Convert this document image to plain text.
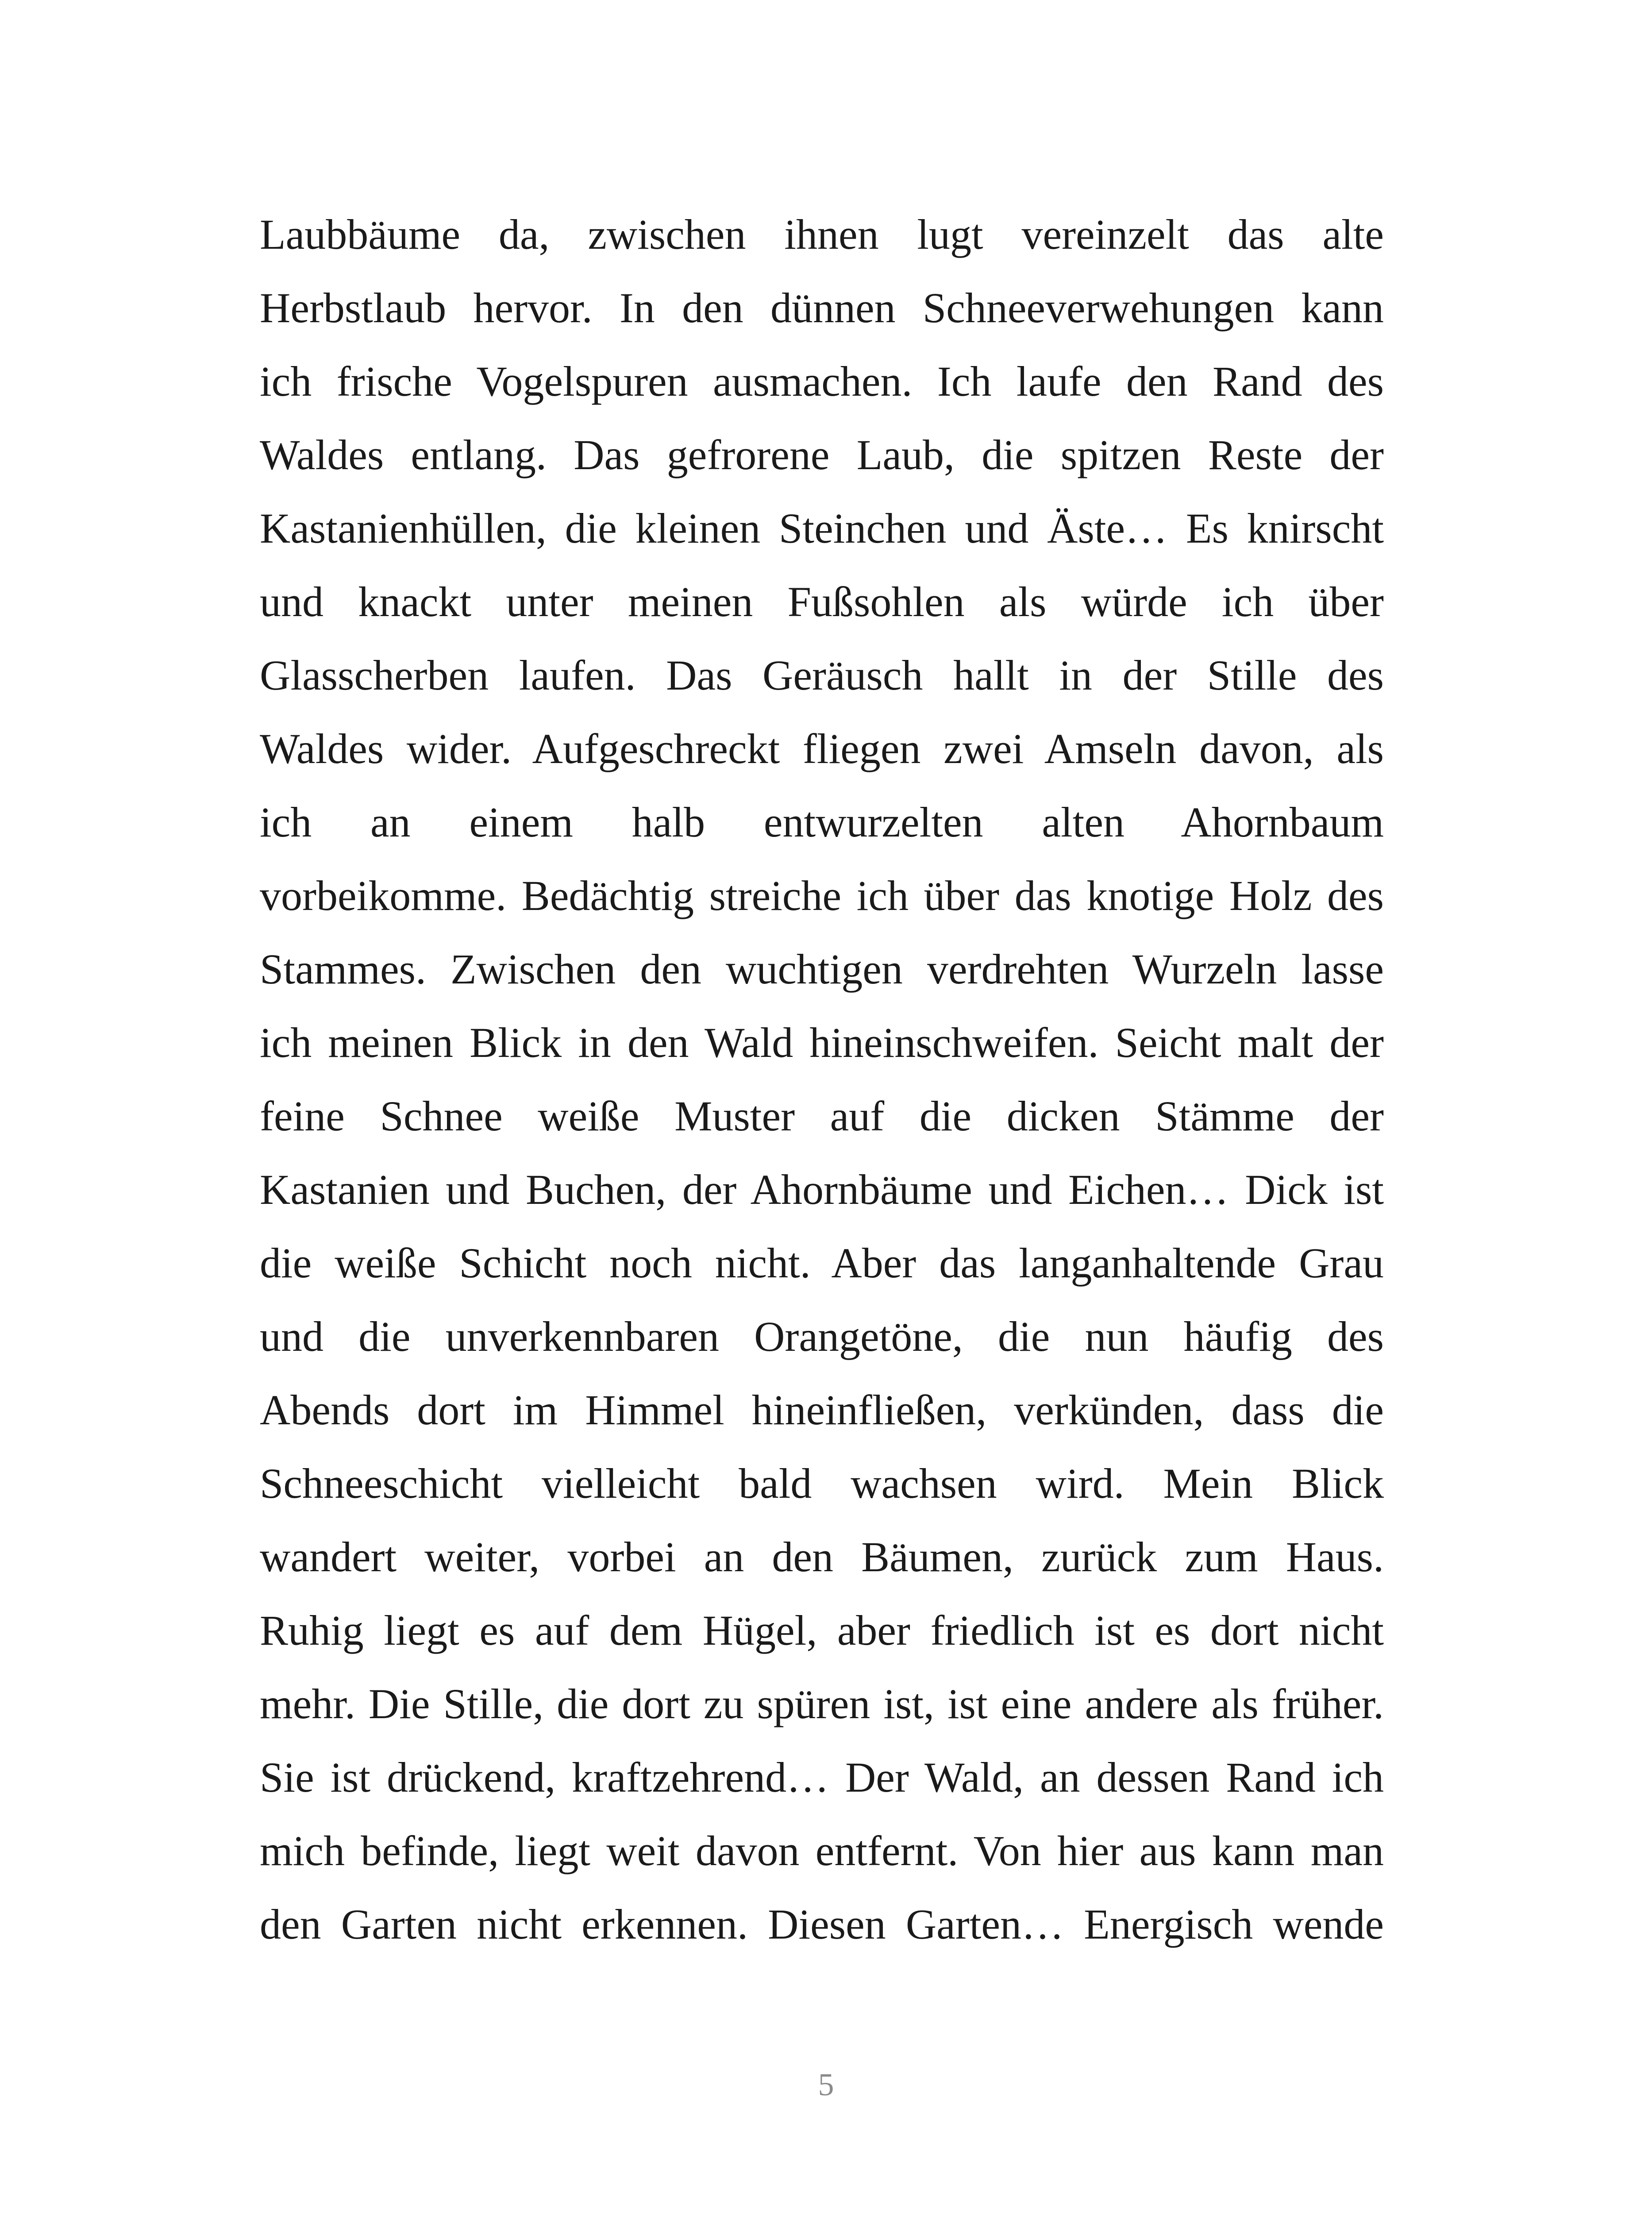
Laubbäume da, zwischen ihnen lugt vereinzelt das alte
Herbstlaub hervor. In den dünnen Schneeverwehungen kann
ich frische Vogelspuren ausmachen. Ich laufe den Rand des
Waldes entlang. Das gefrorene Laub, die spitzen Reste der
Kastanienhüllen, die kleinen Steinchen und Äste… Es knirscht
und knackt unter meinen Fußsohlen als würde ich über
Glasscherben laufen. Das Geräusch hallt in der Stille des
Waldes wider. Aufgeschreckt fliegen zwei Amseln davon, als
ich an einem halb entwurzelten alten Ahornbaum
vorbeikomme. Bedächtig streiche ich über das knotige Holz des
Stammes. Zwischen den wuchtigen verdrehten Wurzeln lasse
ich meinen Blick in den Wald hineinschweifen. Seicht malt der
feine Schnee weiße Muster auf die dicken Stämme der
Kastanien und Buchen, der Ahornbäume und Eichen… Dick ist
die weiße Schicht noch nicht. Aber das langanhaltende Grau
und die unverkennbaren Orangetöne, die nun häufig des
Abends dort im Himmel hineinfließen, verkünden, dass die
Schneeschicht vielleicht bald wachsen wird. Mein Blick
wandert weiter, vorbei an den Bäumen, zurück zum Haus.
Ruhig liegt es auf dem Hügel, aber friedlich ist es dort nicht
mehr. Die Stille, die dort zu spüren ist, ist eine andere als früher.
Sie ist drückend, kraftzehrend… Der Wald, an dessen Rand ich
mich befinde, liegt weit davon entfernt. Von hier aus kann man
den Garten nicht erkennen. Diesen Garten… Energisch wende
5
